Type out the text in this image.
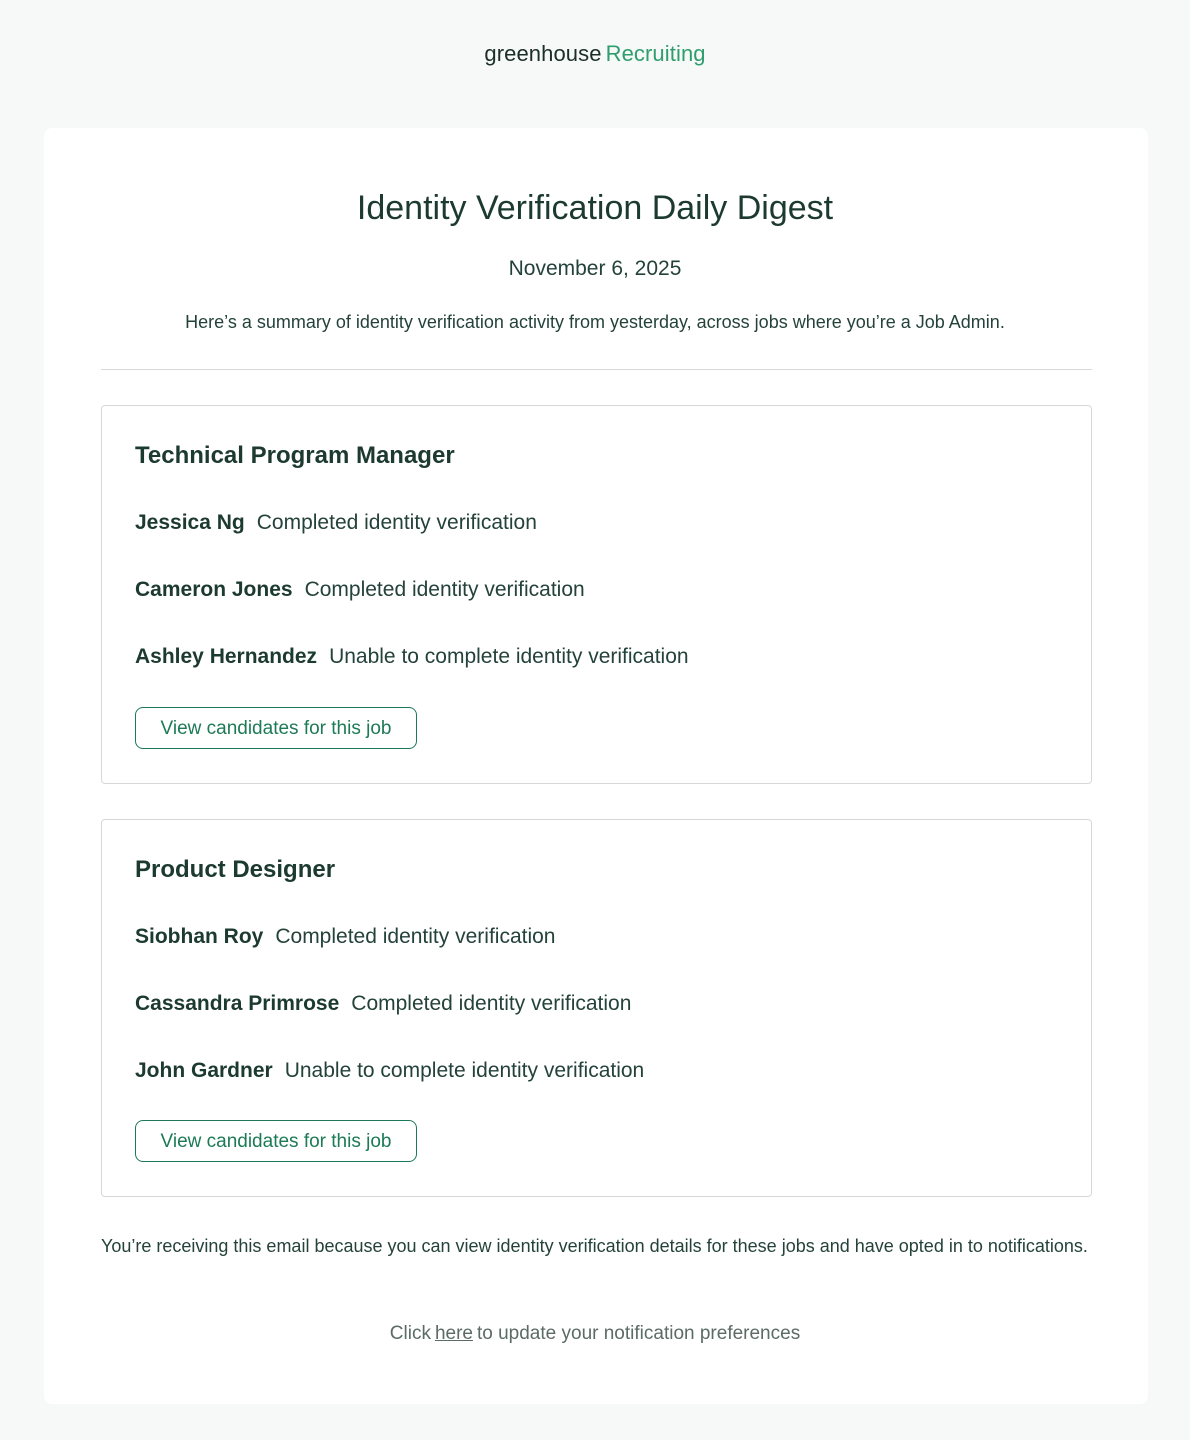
greenhouse Recruiting
Identity Verification Daily Digest
November 6, 2025
Here’s a summary of identity verification activity from yesterday, across jobs where you’re a Job Admin.
Technical Program Manager
Jessica Ng Completed identity verification
Cameron Jones Completed identity verification
Ashley Hernandez Unable to complete identity verification
View candidates for this job
Product Designer
Siobhan Roy Completed identity verification
Cassandra Primrose Completed identity verification
John Gardner Unable to complete identity verification
View candidates for this job
You’re receiving this email because you can view identity verification details for these jobs and have opted in to notifications.
Click here to update your notification preferences
